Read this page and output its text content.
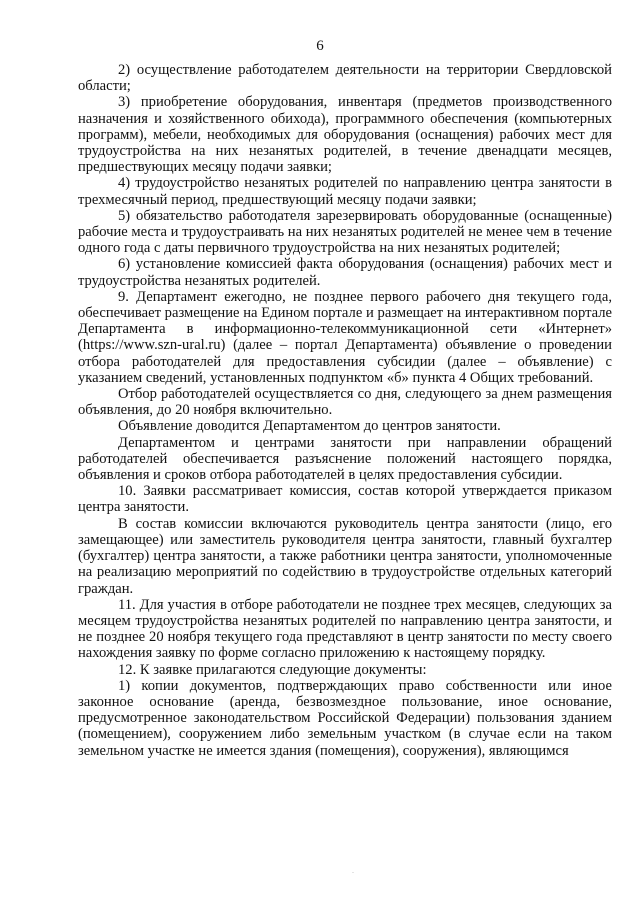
6

2) осуществление работодателем деятельности на территории Свердловской области;

3) приобретение оборудования, инвентаря (предметов производственного назначения и хозяйственного обихода), программного обеспечения (компьютерных программ), мебели, необходимых для оборудования (оснащения) рабочих мест для трудоустройства на них незанятых родителей, в течение двенадцати месяцев, предшествующих месяцу подачи заявки;

4) трудоустройство незанятых родителей по направлению центра занятости в трехмесячный период, предшествующий месяцу подачи заявки;

5) обязательство работодателя зарезервировать оборудованные (оснащенные) рабочие места и трудоустраивать на них незанятых родителей не менее чем в течение одного года с даты первичного трудоустройства на них незанятых родителей;

6) установление комиссией факта оборудования (оснащения) рабочих мест и трудоустройства незанятых родителей.

9. Департамент ежегодно, не позднее первого рабочего дня текущего года, обеспечивает размещение на Едином портале и размещает на интерактивном портале Департамента в информационно-телекоммуникационной сети «Интернет» (https://www.szn-ural.ru) (далее – портал Департамента) объявление о проведении отбора работодателей для предоставления субсидии (далее – объявление) с указанием сведений, установленных подпунктом «б» пункта 4 Общих требований.

Отбор работодателей осуществляется со дня, следующего за днем размещения объявления, до 20 ноября включительно.

Объявление доводится Департаментом до центров занятости.

Департаментом и центрами занятости при направлении обращений работодателей обеспечивается разъяснение положений настоящего порядка, объявления и сроков отбора работодателей в целях предоставления субсидии.

10. Заявки рассматривает комиссия, состав которой утверждается приказом центра занятости.

В состав комиссии включаются руководитель центра занятости (лицо, его замещающее) или заместитель руководителя центра занятости, главный бухгалтер (бухгалтер) центра занятости, а также работники центра занятости, уполномоченные на реализацию мероприятий по содействию в трудоустройстве отдельных категорий граждан.

11. Для участия в отборе работодатели не позднее трех месяцев, следующих за месяцем трудоустройства незанятых родителей по направлению центра занятости, и не позднее 20 ноября текущего года представляют в центр занятости по месту своего нахождения заявку по форме согласно приложению к настоящему порядку.

12. К заявке прилагаются следующие документы:

1) копии документов, подтверждающих право собственности или иное законное основание (аренда, безвозмездное пользование, иное основание, предусмотренное законодательством Российской Федерации) пользования зданием (помещением), сооружением либо земельным участком (в случае если на таком земельном участке не имеется здания (помещения), сооружения), являющимся

.
